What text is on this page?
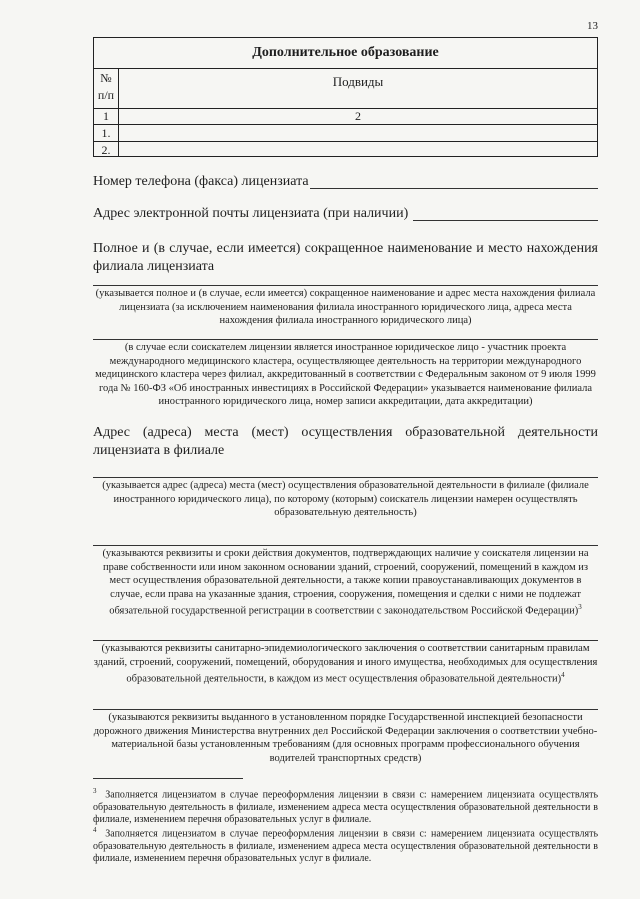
13
Дополнительное образование
№ п/п
Подвиды
1	2
1.
2.
Номер телефона (факса) лицензиата
Адрес электронной почты лицензиата (при наличии)
Полное и (в случае, если имеется) сокращенное наименование и место нахождения филиала лицензиата
(указывается полное и (в случае, если имеется) сокращенное наименование и адрес места нахождения филиала лицензиата (за исключением наименования филиала иностранного юридического лица, адреса места нахождения филиала иностранного юридического лица)
(в случае если соискателем лицензии является иностранное юридическое лицо - участник проекта международного медицинского кластера, осуществляющее деятельность на территории международного медицинского кластера через филиал, аккредитованный в соответствии с Федеральным законом от 9 июля 1999 года № 160-ФЗ «Об иностранных инвестициях в Российской Федерации» указывается наименование филиала иностранного юридического лица, номер записи аккредитации, дата аккредитации)
Адрес (адреса) места (мест) осуществления образовательной деятельности лицензиата в филиале
(указывается адрес (адреса) места (мест) осуществления образовательной деятельности в филиале (филиале иностранного юридического лица), по которому (которым) соискатель лицензии намерен осуществлять образовательную деятельность)
(указываются реквизиты и сроки действия документов, подтверждающих наличие у соискателя лицензии на праве собственности или ином законном основании зданий, строений, сооружений, помещений в каждом из мест осуществления образовательной деятельности, а также копии правоустанавливающих документов в случае, если права на указанные здания, строения, сооружения, помещения и сделки с ними не подлежат обязательной государственной регистрации в соответствии с законодательством Российской Федерации)$^3$
(указываются реквизиты санитарно-эпидемиологического заключения о соответствии санитарным правилам зданий, строений, сооружений, помещений, оборудования и иного имущества, необходимых для осуществления образовательной деятельности, в каждом из мест осуществления образовательной деятельности)$^4$
(указываются реквизиты выданного в установленном порядке Государственной инспекцией безопасности дорожного движения Министерства внутренних дел Российской Федерации заключения о соответствии учебно-материальной базы установленным требованиям (для основных программ профессионального обучения водителей транспортных средств)
$^3$ Заполняется лицензиатом в случае переоформления лицензии в связи с: намерением лицензиата осуществлять образовательную деятельность в филиале, изменением адреса места осуществления образовательной деятельности в филиале, изменением перечня образовательных услуг в филиале.
$^4$ Заполняется лицензиатом в случае переоформления лицензии в связи с: намерением лицензиата осуществлять образовательную деятельность в филиале, изменением адреса места осуществления образовательной деятельности в филиале, изменением перечня образовательных услуг в филиале.
